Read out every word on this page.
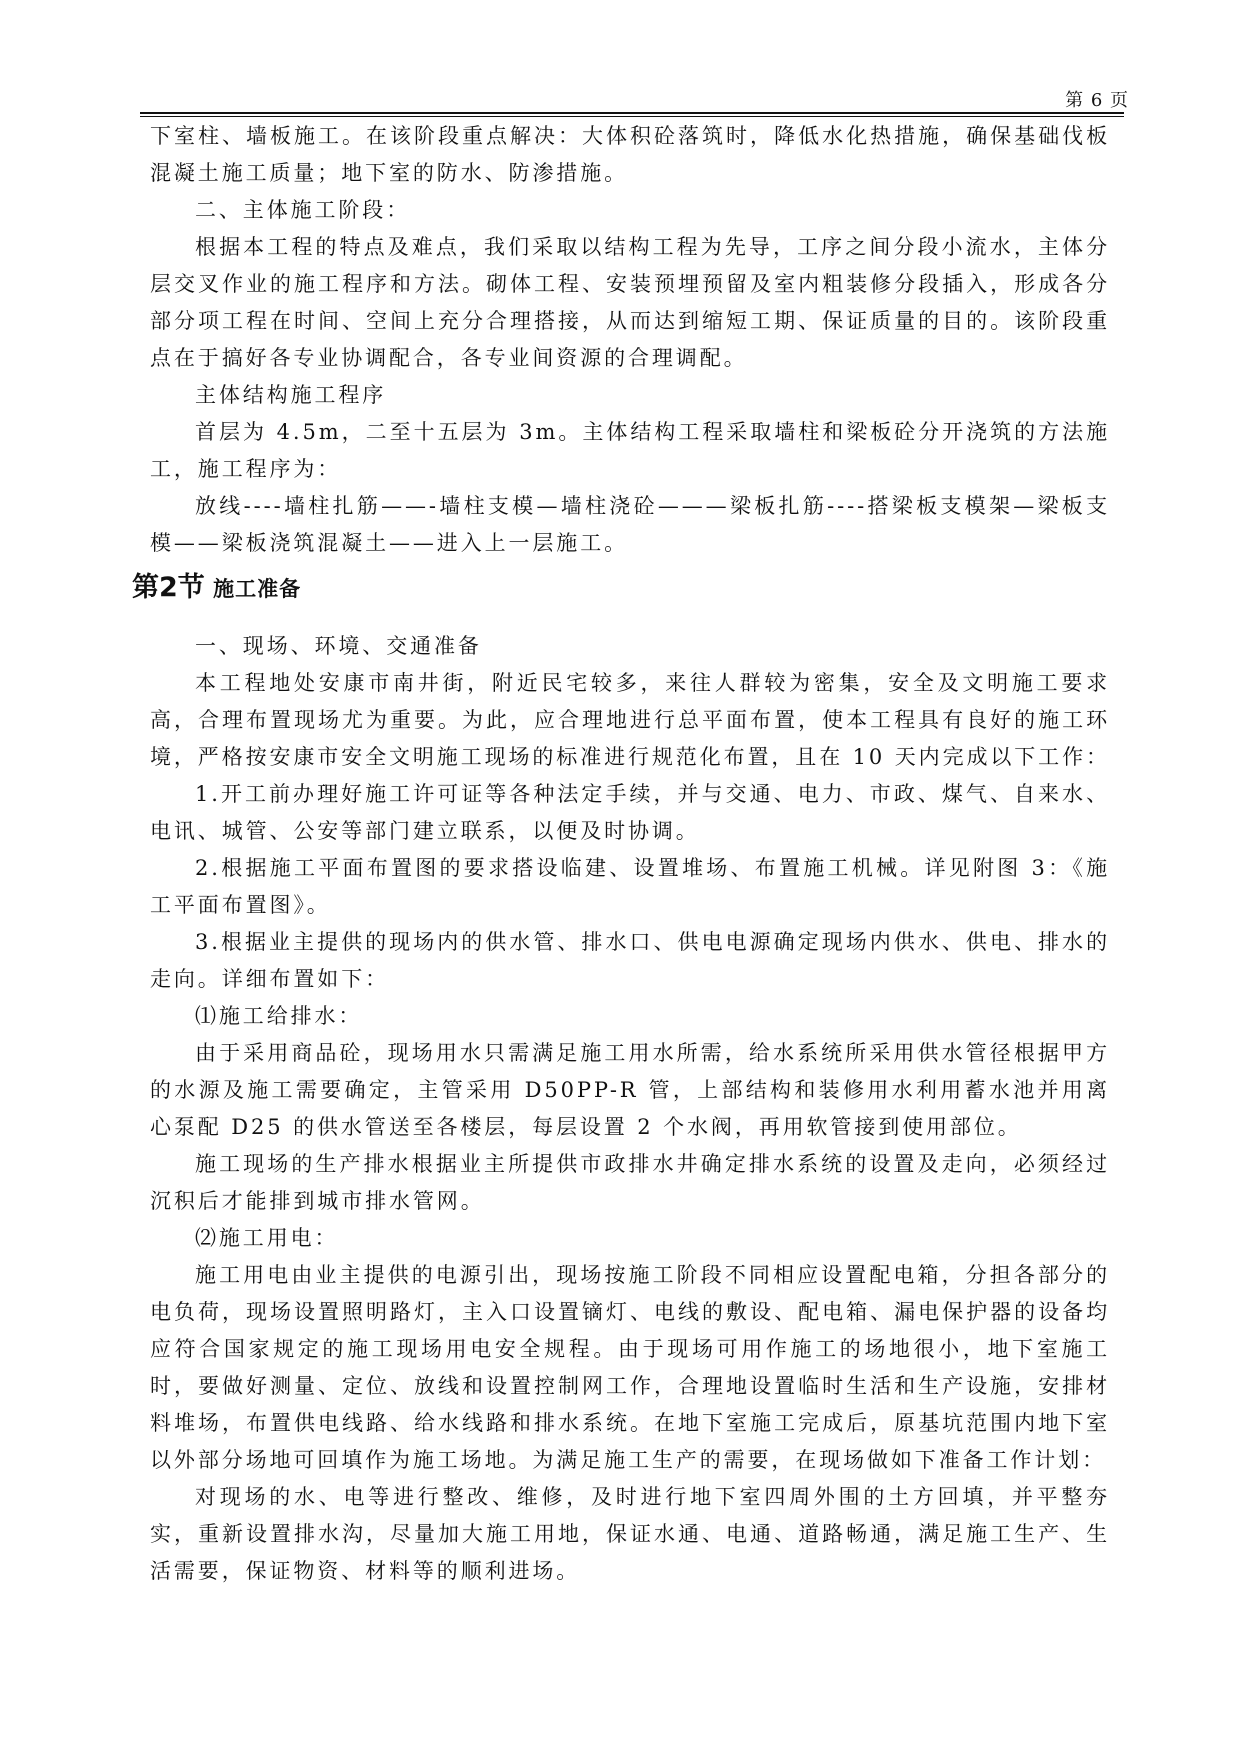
第 6 页

下室柱、墙板施工。在该阶段重点解决：大体积砼落筑时，降低水化热措施，确保基础伐板混凝土施工质量；地下室的防水、防渗措施。

二、主体施工阶段：

根据本工程的特点及难点，我们采取以结构工程为先导，工序之间分段小流水，主体分层交叉作业的施工程序和方法。砌体工程、安装预埋预留及室内粗装修分段插入，形成各分部分项工程在时间、空间上充分合理搭接，从而达到缩短工期、保证质量的目的。该阶段重点在于搞好各专业协调配合，各专业间资源的合理调配。

主体结构施工程序

首层为 4.5m，二至十五层为 3m。主体结构工程采取墙柱和梁板砼分开浇筑的方法施工，施工程序为：

放线----墙柱扎筋——-墙柱支模—墙柱浇砼———梁板扎筋----搭梁板支模架—梁板支模——梁板浇筑混凝土——进入上一层施工。

第2节 施工准备

一、现场、环境、交通准备

本工程地处安康市南井街，附近民宅较多，来往人群较为密集，安全及文明施工要求高，合理布置现场尤为重要。为此，应合理地进行总平面布置，使本工程具有良好的施工环境，严格按安康市安全文明施工现场的标准进行规范化布置，且在 10 天内完成以下工作：

1.开工前办理好施工许可证等各种法定手续，并与交通、电力、市政、煤气、自来水、电讯、城管、公安等部门建立联系，以便及时协调。

2.根据施工平面布置图的要求搭设临建、设置堆场、布置施工机械。详见附图 3：《施工平面布置图》。

3.根据业主提供的现场内的供水管、排水口、供电电源确定现场内供水、供电、排水的走向。详细布置如下：

⑴施工给排水：

由于采用商品砼，现场用水只需满足施工用水所需，给水系统所采用供水管径根据甲方的水源及施工需要确定，主管采用 D50PP-R 管，上部结构和装修用水利用蓄水池并用离心泵配 D25 的供水管送至各楼层，每层设置 2 个水阀，再用软管接到使用部位。

施工现场的生产排水根据业主所提供市政排水井确定排水系统的设置及走向，必须经过沉积后才能排到城市排水管网。

⑵施工用电：

施工用电由业主提供的电源引出，现场按施工阶段不同相应设置配电箱，分担各部分的电负荷，现场设置照明路灯，主入口设置镝灯、电线的敷设、配电箱、漏电保护器的设备均应符合国家规定的施工现场用电安全规程。由于现场可用作施工的场地很小，地下室施工时，要做好测量、定位、放线和设置控制网工作，合理地设置临时生活和生产设施，安排材料堆场，布置供电线路、给水线路和排水系统。在地下室施工完成后，原基坑范围内地下室以外部分场地可回填作为施工场地。为满足施工生产的需要，在现场做如下准备工作计划：

对现场的水、电等进行整改、维修，及时进行地下室四周外围的土方回填，并平整夯实，重新设置排水沟，尽量加大施工用地，保证水通、电通、道路畅通，满足施工生产、生活需要，保证物资、材料等的顺利进场。
